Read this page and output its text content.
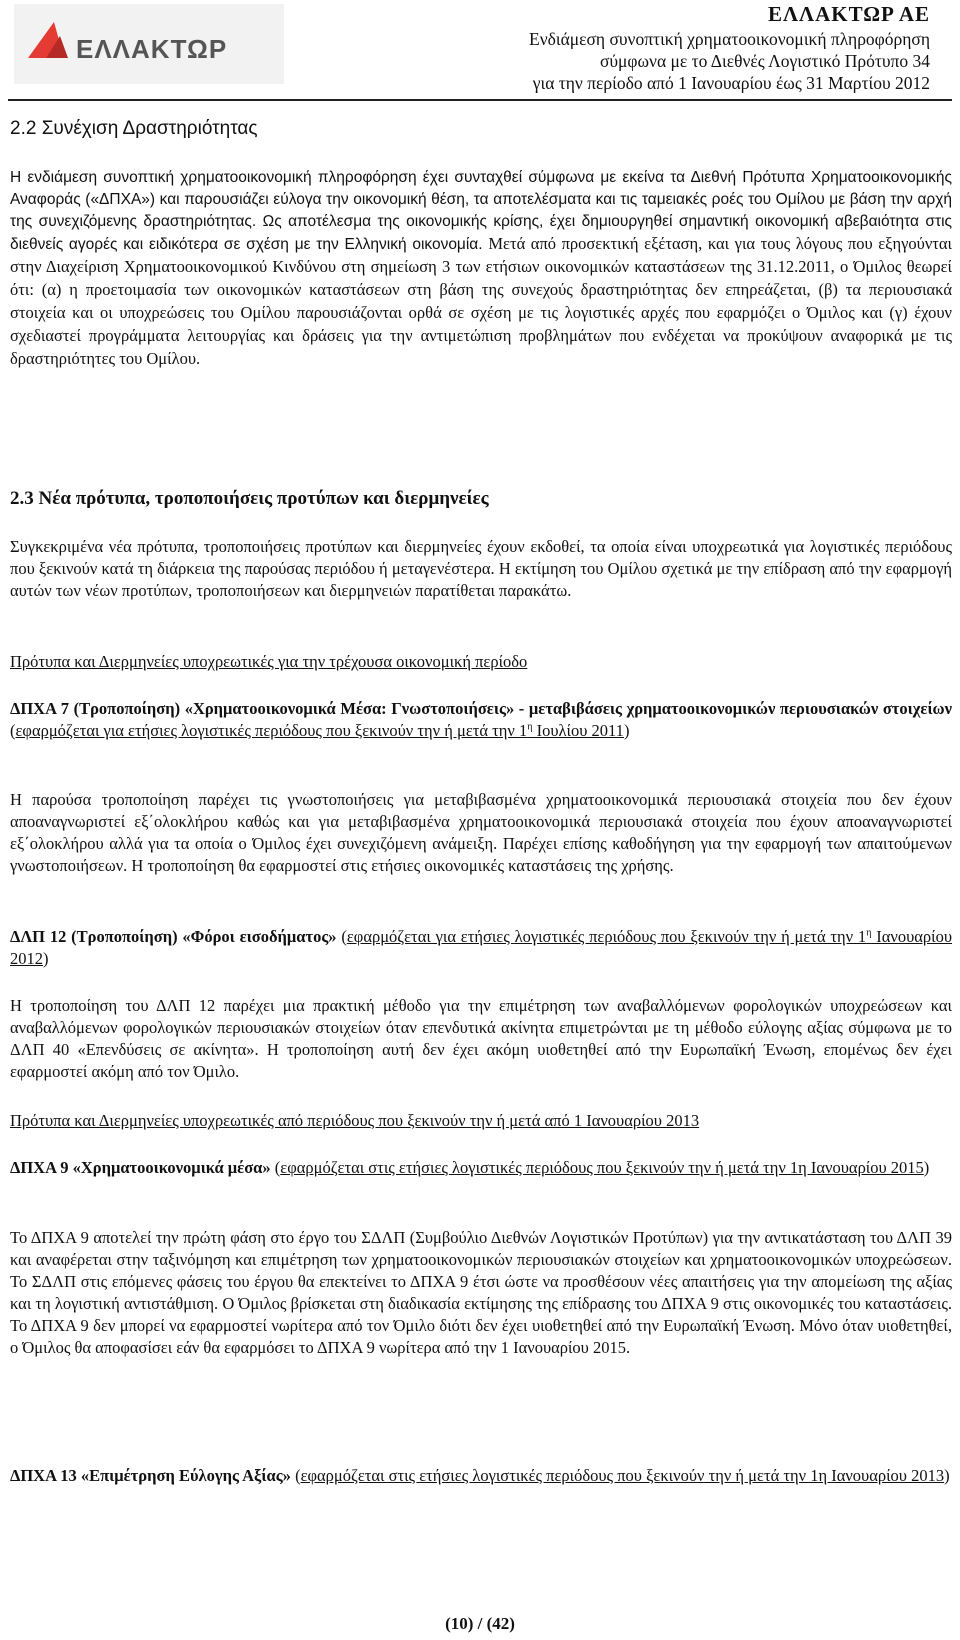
ΕΛΛΑΚΤΩΡ
ΕΛΛΑΚΤΩΡ ΑΕ
Ενδιάμεση συνοπτική χρηματοοικονομική πληροφόρηση
σύμφωνα με το Διεθνές Λογιστικό Πρότυπο 34
για την περίοδο από 1 Ιανουαρίου έως 31 Μαρτίου 2012
2.2 Συνέχιση Δραστηριότητας
Η ενδιάμεση συνοπτική χρηματοοικονομική πληροφόρηση έχει συνταχθεί σύμφωνα με εκείνα τα Διεθνή Πρότυπα Χρηματοοικονομικής Αναφοράς («ΔΠΧΑ») και παρουσιάζει εύλογα την οικονομική θέση, τα αποτελέσματα και τις ταμειακές ροές του Ομίλου με βάση την αρχή της συνεχιζόμενης δραστηριότητας. Ως αποτέλεσμα της οικονομικής κρίσης, έχει δημιουργηθεί σημαντική οικονομική αβεβαιότητα στις διεθνείς αγορές και ειδικότερα σε σχέση με την Ελληνική οικονομία. Μετά από προσεκτική εξέταση, και για τους λόγους που εξηγούνται στην Διαχείριση Χρηματοοικονομικού Κινδύνου στη σημείωση 3 των ετήσιων οικονομικών καταστάσεων της 31.12.2011, ο Όμιλος θεωρεί ότι: (α) η προετοιμασία των οικονομικών καταστάσεων στη βάση της συνεχούς δραστηριότητας δεν επηρεάζεται, (β) τα περιουσιακά στοιχεία και οι υποχρεώσεις του Ομίλου παρουσιάζονται ορθά σε σχέση με τις λογιστικές αρχές που εφαρμόζει ο Όμιλος και (γ) έχουν σχεδιαστεί προγράμματα λειτουργίας και δράσεις για την αντιμετώπιση προβλημάτων που ενδέχεται να προκύψουν αναφορικά με τις δραστηριότητες του Ομίλου.
2.3 Νέα πρότυπα, τροποποιήσεις προτύπων και διερμηνείες
Συγκεκριμένα νέα πρότυπα, τροποποιήσεις προτύπων και διερμηνείες έχουν εκδοθεί, τα οποία είναι υποχρεωτικά για λογιστικές περιόδους που ξεκινούν κατά τη διάρκεια της παρούσας περιόδου ή μεταγενέστερα. Η εκτίμηση του Ομίλου σχετικά με την επίδραση από την εφαρμογή αυτών των νέων προτύπων, τροποποιήσεων και διερμηνειών παρατίθεται παρακάτω.
Πρότυπα και Διερμηνείες υποχρεωτικές για την τρέχουσα οικονομική περίοδο
ΔΠΧΑ 7 (Τροποποίηση) «Χρηματοοικονομικά Μέσα: Γνωστοποιήσεις» - μεταβιβάσεις χρηματοοικονομικών περιουσιακών στοιχείων (εφαρμόζεται για ετήσιες λογιστικές περιόδους που ξεκινούν την ή μετά την $1^\eta$ Ιουλίου 2011)
Η παρούσα τροποποίηση παρέχει τις γνωστοποιήσεις για μεταβιβασμένα χρηματοοικονομικά περιουσιακά στοιχεία που δεν έχουν αποαναγνωριστεί εξ΄ολοκλήρου καθώς και για μεταβιβασμένα χρηματοοικονομικά περιουσιακά στοιχεία που έχουν αποαναγνωριστεί εξ΄ολοκλήρου αλλά για τα οποία ο Όμιλος έχει συνεχιζόμενη ανάμειξη. Παρέχει επίσης καθοδήγηση για την εφαρμογή των απαιτούμενων γνωστοποιήσεων. Η τροποποίηση θα εφαρμοστεί στις ετήσιες οικονομικές καταστάσεις της χρήσης.
ΔΛΠ 12 (Τροποποίηση) «Φόροι εισοδήματος» (εφαρμόζεται για ετήσιες λογιστικές περιόδους που ξεκινούν την ή μετά την $1^\eta$ Ιανουαρίου 2012)
Η τροποποίηση του ΔΛΠ 12 παρέχει μια πρακτική μέθοδο για την επιμέτρηση των αναβαλλόμενων φορολογικών υποχρεώσεων και αναβαλλόμενων φορολογικών περιουσιακών στοιχείων όταν επενδυτικά ακίνητα επιμετρώνται με τη μέθοδο εύλογης αξίας σύμφωνα με το ΔΛΠ 40 «Επενδύσεις σε ακίνητα». Η τροποποίηση αυτή δεν έχει ακόμη υιοθετηθεί από την Ευρωπαϊκή Ένωση, επομένως δεν έχει εφαρμοστεί ακόμη από τον Όμιλο.
Πρότυπα και Διερμηνείες υποχρεωτικές από περιόδους που ξεκινούν την ή μετά από 1 Ιανουαρίου 2013
ΔΠΧΑ 9 «Χρηματοοικονομικά μέσα» (εφαρμόζεται στις ετήσιες λογιστικές περιόδους που ξεκινούν την ή μετά την 1η Ιανουαρίου 2015)
Το ΔΠΧΑ 9 αποτελεί την πρώτη φάση στο έργο του ΣΔΛΠ (Συμβούλιο Διεθνών Λογιστικών Προτύπων) για την αντικατάσταση του ΔΛΠ 39 και αναφέρεται στην ταξινόμηση και επιμέτρηση των χρηματοοικονομικών περιουσιακών στοιχείων και χρηματοοικονομικών υποχρεώσεων. Το ΣΔΛΠ στις επόμενες φάσεις του έργου θα επεκτείνει το ΔΠΧΑ 9 έτσι ώστε να προσθέσουν νέες απαιτήσεις για την απομείωση της αξίας και τη λογιστική αντιστάθμιση. Ο Όμιλος βρίσκεται στη διαδικασία εκτίμησης της επίδρασης του ΔΠΧΑ 9 στις οικονομικές του καταστάσεις. Το ΔΠΧΑ 9 δεν μπορεί να εφαρμοστεί νωρίτερα από τον Όμιλο διότι δεν έχει υιοθετηθεί από την Ευρωπαϊκή Ένωση. Μόνο όταν υιοθετηθεί, ο Όμιλος θα αποφασίσει εάν θα εφαρμόσει το ΔΠΧΑ 9 νωρίτερα από την 1 Ιανουαρίου 2015.
ΔΠΧΑ 13 «Επιμέτρηση Εύλογης Αξίας» (εφαρμόζεται στις ετήσιες λογιστικές περιόδους που ξεκινούν την ή μετά την 1η Ιανουαρίου 2013)
(10) / (42)
